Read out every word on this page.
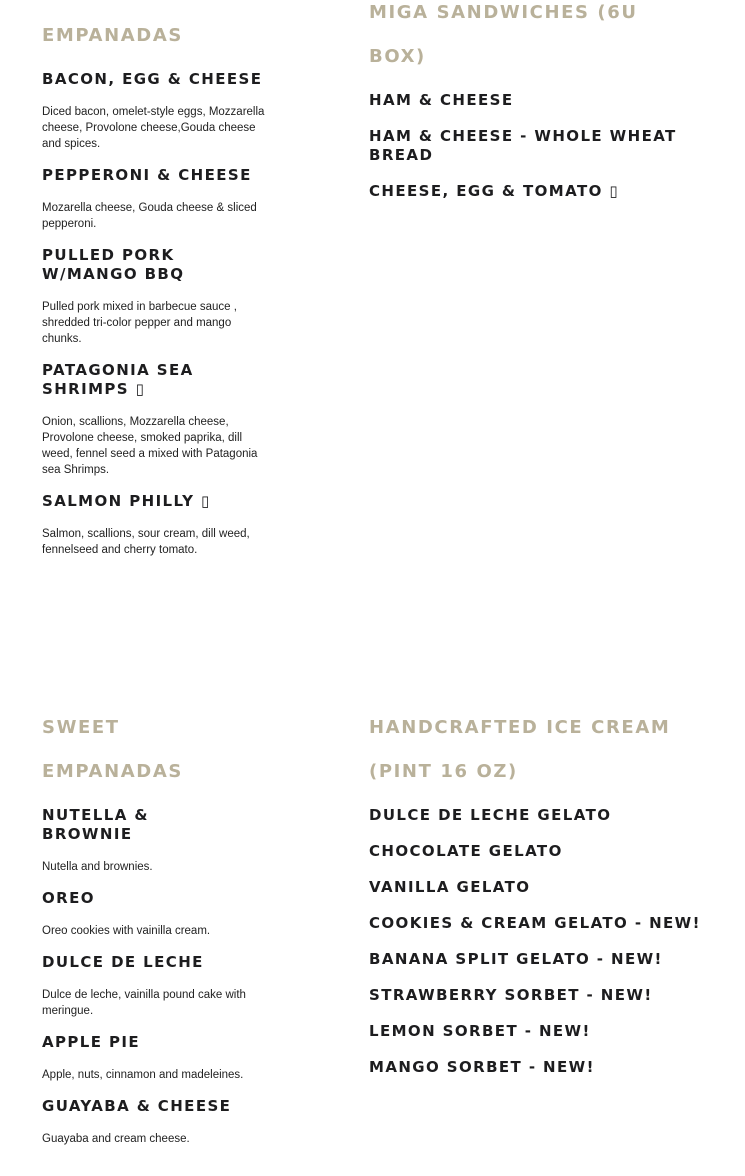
EMPANADAS
BACON, EGG & CHEESE

Diced bacon, omelet-style eggs, Mozzarella cheese, Provolone cheese,Gouda cheese and spices.

PEPPERONI & CHEESE

Mozarella cheese, Gouda cheese & sliced pepperoni.

PULLED PORK W/MANGO BBQ

Pulled pork mixed in barbecue sauce , shredded tri-color pepper and mango chunks.

PATAGONIA SEA SHRIMPS ▯

Onion, scallions, Mozzarella cheese, Provolone cheese, smoked paprika, dill weed, fennel seed a mixed with Patagonia sea Shrimps.

SALMON PHILLY ▯

Salmon, scallions, sour cream, dill weed, fennelseed and cherry tomato.

MIGA SANDWICHES (6U
BOX)
HAM & CHEESE
HAM & CHEESE - WHOLE WHEAT BREAD
CHEESE, EGG & TOMATO ▯
SWEET
EMPANADAS
NUTELLA & BROWNIE

Nutella and brownies.

OREO

Oreo cookies with vainilla cream.

DULCE DE LECHE

Dulce de leche, vainilla pound cake with meringue.

APPLE PIE

Apple, nuts, cinnamon and madeleines.

GUAYABA & CHEESE

Guayaba and cream cheese.

HANDCRAFTED ICE CREAM
(PINT 16 OZ)
DULCE DE LECHE GELATO
CHOCOLATE GELATO
VANILLA GELATO
COOKIES & CREAM GELATO - NEW!
BANANA SPLIT GELATO - NEW!
STRAWBERRY SORBET - NEW!
LEMON SORBET - NEW!
MANGO SORBET - NEW!
